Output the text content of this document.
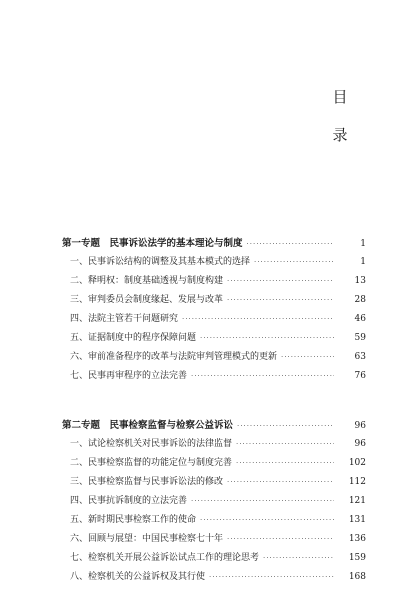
目
录
第一专题　民事诉讼法学的基本理论与制度 ·····	1
一、民事诉讼结构的调整及其基本模式的选择 ·····	1
二、释明权：制度基础透视与制度构建 ·····	13
三、审判委员会制度缘起、发展与改革 ·····	28
四、法院主管若干问题研究 ·····	46
五、证据制度中的程序保障问题 ·····	59
六、审前准备程序的改革与法院审判管理模式的更新 ·····	63
七、民事再审程序的立法完善 ·····	76
第二专题　民事检察监督与检察公益诉讼 ·····	96
一、试论检察机关对民事诉讼的法律监督 ·····	96
二、民事检察监督的功能定位与制度完善 ·····	102
三、民事检察监督与民事诉讼法的修改 ·····	112
四、民事抗诉制度的立法完善 ·····	121
五、新时期民事检察工作的使命 ·····	131
六、回顾与展望：中国民事检察七十年 ·····	136
七、检察机关开展公益诉讼试点工作的理论思考 ·····	159
八、检察机关的公益诉权及其行使 ·····	168
